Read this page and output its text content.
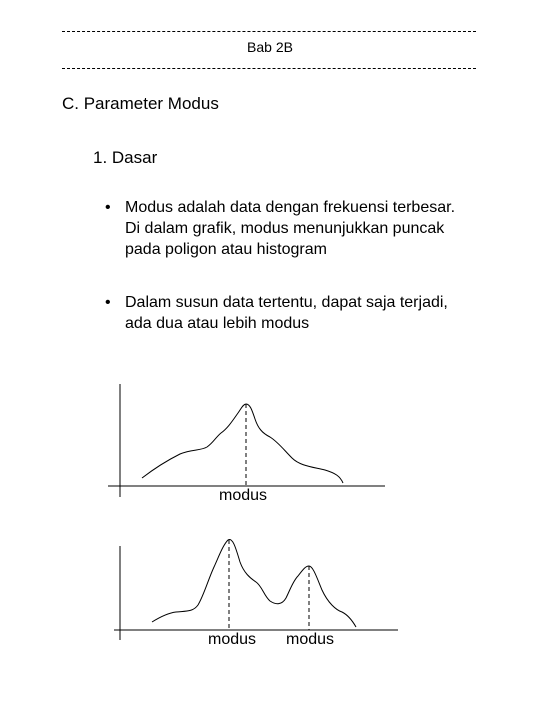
Bab 2B
C. Parameter Modus
1. Dasar
• Modus adalah data dengan frekuensi terbesar.
Di dalam grafik, modus menunjukkan puncak
pada poligon atau histogram
• Dalam susun data tertentu, dapat saja terjadi,
ada dua atau lebih modus
modus
modus modus
